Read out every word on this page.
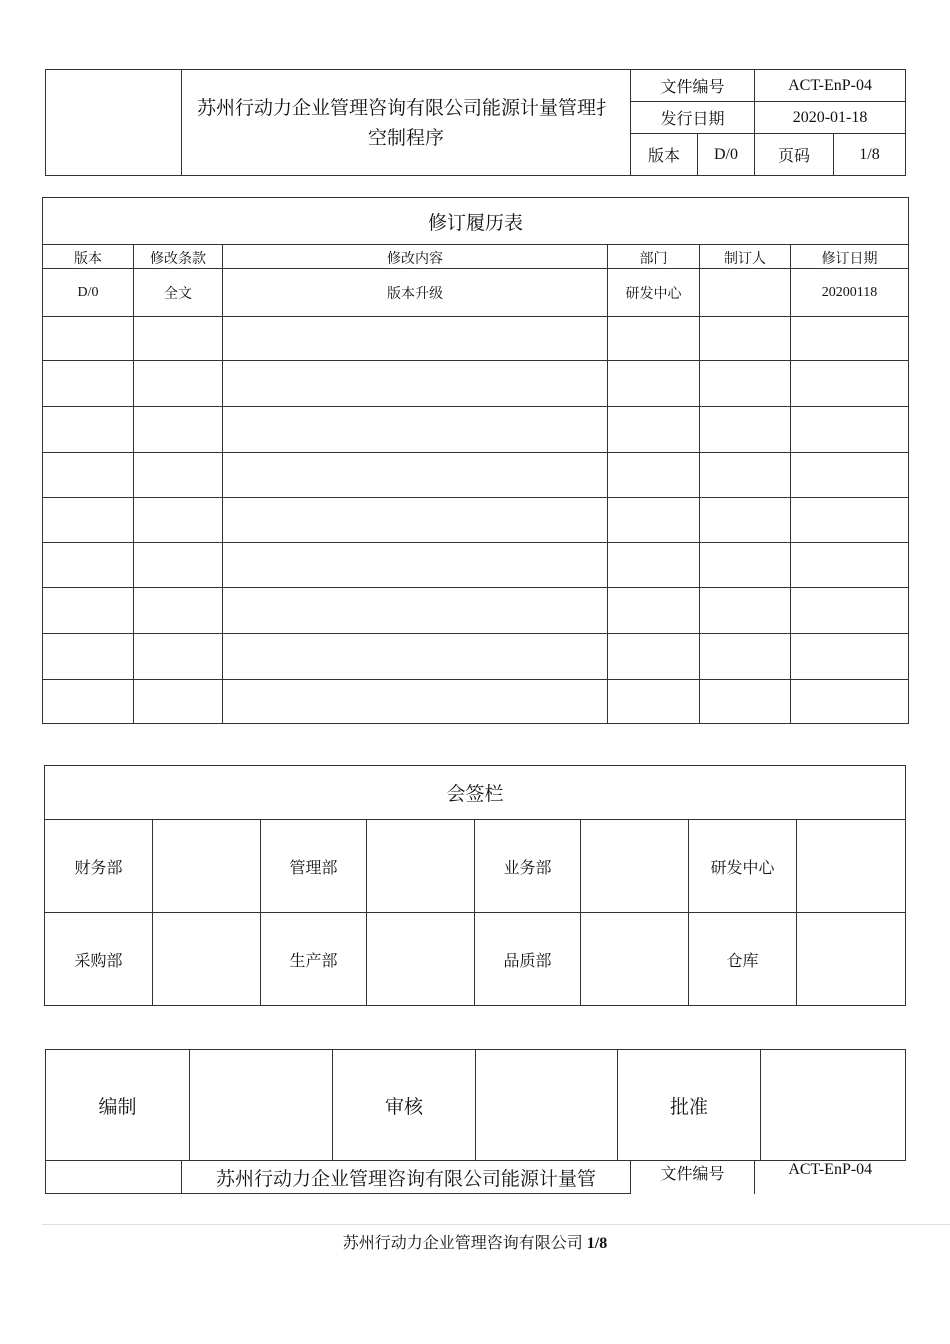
	苏州行动力企业管理咨询有限公司能源计量管理扌空制程序	文件编号		ACT-EnP-04	
		发行日期		2020-01-18	
		版本	D/0	页码	1/8
修订履历表					
版本	修改条款	修改内容	部门	制订人	修订日期
D/0	全文	版本升级	研发中心		20200118

会签栏							
财务部		管理部		业务部		研发中心	
采购部		生产部		品质部		仓库	
编制		审核		批准	
	苏州行动力企业管理咨询有限公司能源计量管	文件编号	ACT-EnP-04
苏州行动力企业管理咨询有限公司 1/8
